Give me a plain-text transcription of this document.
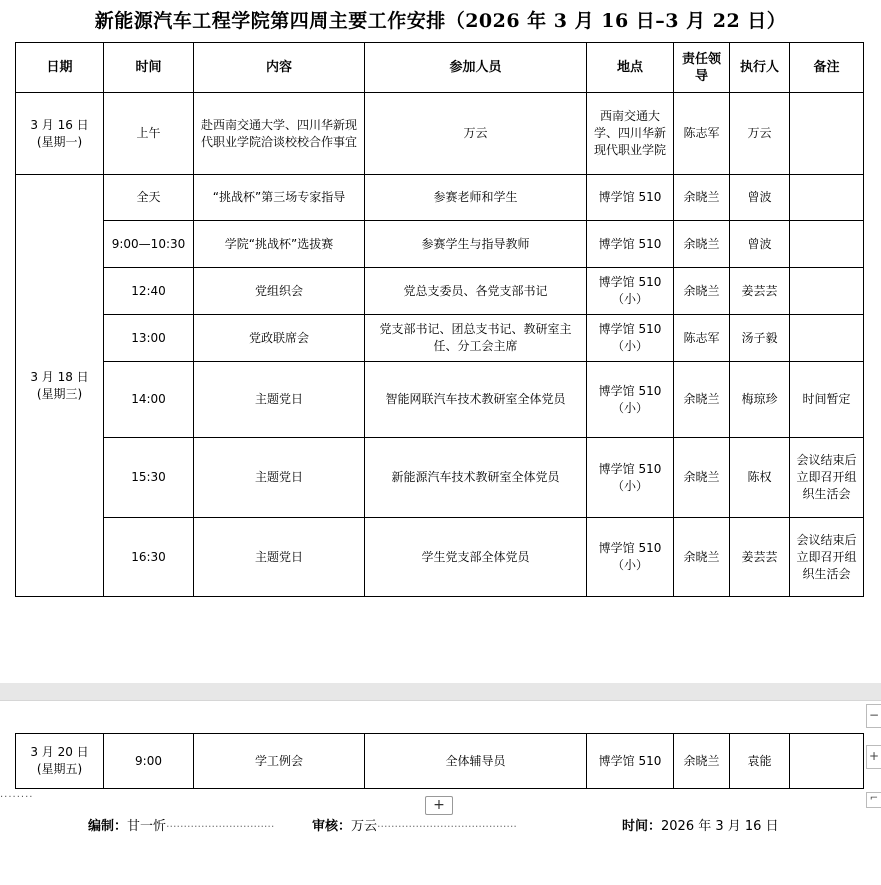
新能源汽车工程学院第四周主要工作安排（2026 年 3 月 16 日–3 月 22 日）
日期	时间	内容	参加人员	地点	责任领导	执行人	备注

3 月 16 日
(星期一)	上午	赴西南交通大学、四川华新现代职业学院洽谈校校合作事宜	万云	西南交通大学、四川华新现代职业学院	陈志军	万云	

3 月 18 日
(星期三)	全天	“挑战杯”第三场专家指导	参赛老师和学生	博学馆 510	余晓兰	曾波	
	9:00—10:30	学院“挑战杯”选拔赛	参赛学生与指导教师	博学馆 510	余晓兰	曾波	
	12:40	党组织会	党总支委员、各党支部书记	博学馆 510（小）	余晓兰	姜芸芸	
	13:00	党政联席会	党支部书记、团总支书记、教研室主任、分工会主席	博学馆 510（小）	陈志军	汤子毅	
	14:00	主题党日	智能网联汽车技术教研室全体党员	博学馆 510（小）	余晓兰	梅琼珍	时间暂定
	15:30	主题党日	新能源汽车技术教研室全体党员	博学馆 510（小）	余晓兰	陈权	会议结束后立即召开组织生活会
	16:30	主题党日	学生党支部全体党员	博学馆 510（小）	余晓兰	姜芸芸	会议结束后立即召开组织生活会
−
+
⌐
3 月 20 日
(星期五)
	9:00	学工例会	全体辅导员	博学馆 510	余晓兰	袁能	
········	+
编制：甘一忻·······························	审核：万云········································	时间：2026 年 3 月 16 日
